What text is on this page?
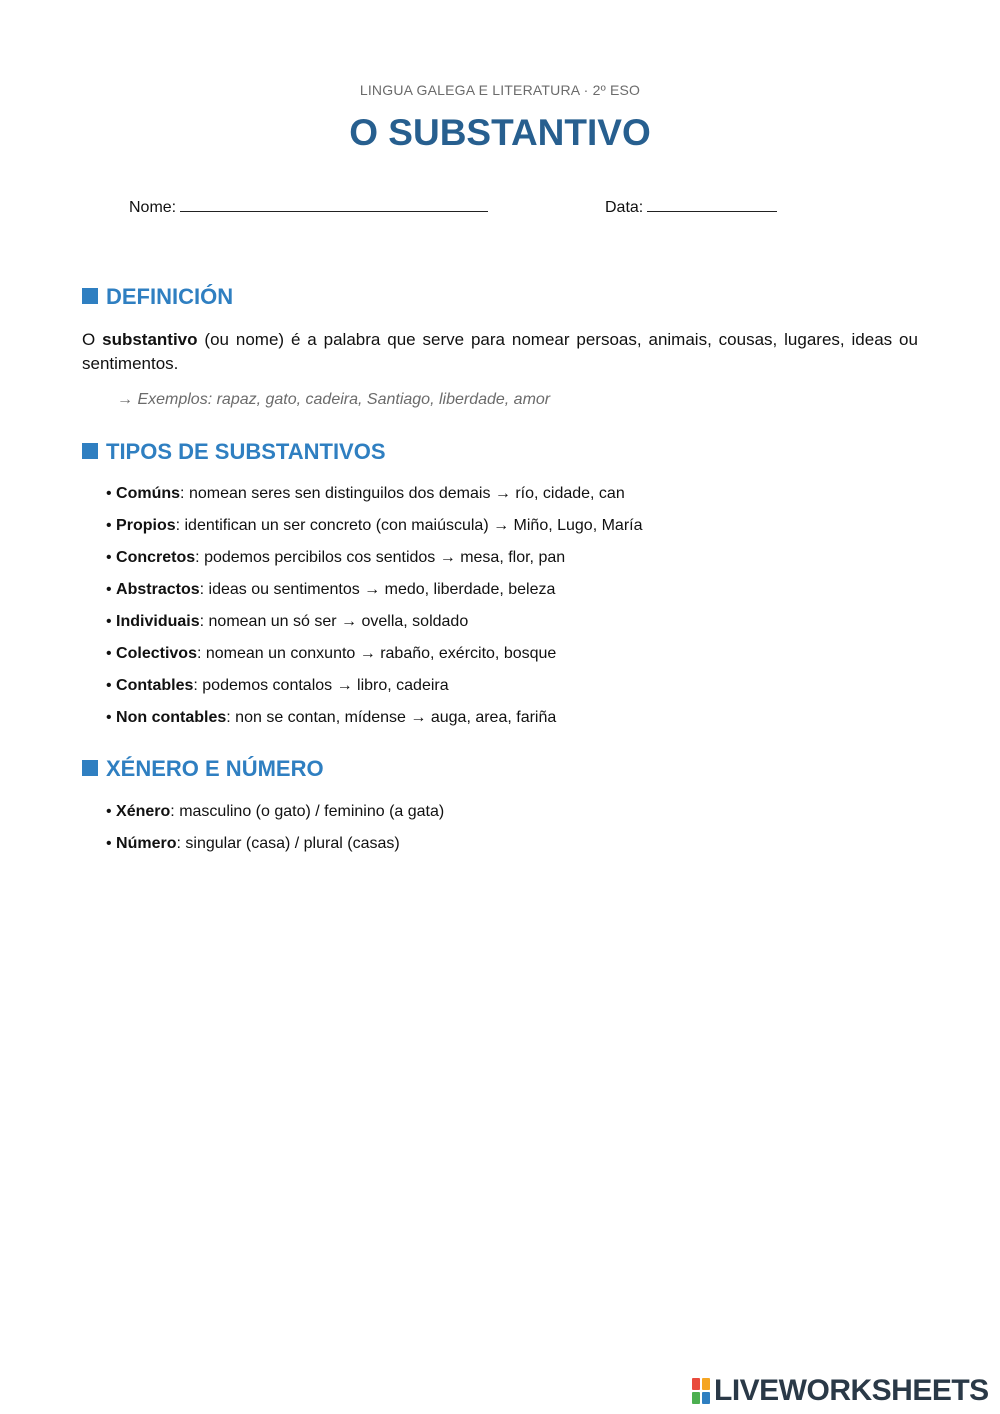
LINGUA GALEGA E LITERATURA · 2º ESO
O SUBSTANTIVO
Nome:	Data:
DEFINICIÓN

O substantivo (ou nome) é a palabra que serve para nomear persoas, animais, cousas, lugares, ideas ou sentimentos.

→ Exemplos: rapaz, gato, cadeira, Santiago, liberdade, amor
TIPOS DE SUBSTANTIVOS
• Comúns: nomean seres sen distinguilos dos demais → río, cidade, can
• Propios: identifican un ser concreto (con maiúscula) → Miño, Lugo, María
• Concretos: podemos percibilos cos sentidos → mesa, flor, pan
• Abstractos: ideas ou sentimentos → medo, liberdade, beleza
• Individuais: nomean un só ser → ovella, soldado
• Colectivos: nomean un conxunto → rabaño, exército, bosque
• Contables: podemos contalos → libro, cadeira
• Non contables: non se contan, mídense → auga, area, fariña
XÉNERO E NÚMERO
• Xénero: masculino (o gato) / feminino (a gata)
• Número: singular (casa) / plural (casas)
LIVEWORKSHEETS
